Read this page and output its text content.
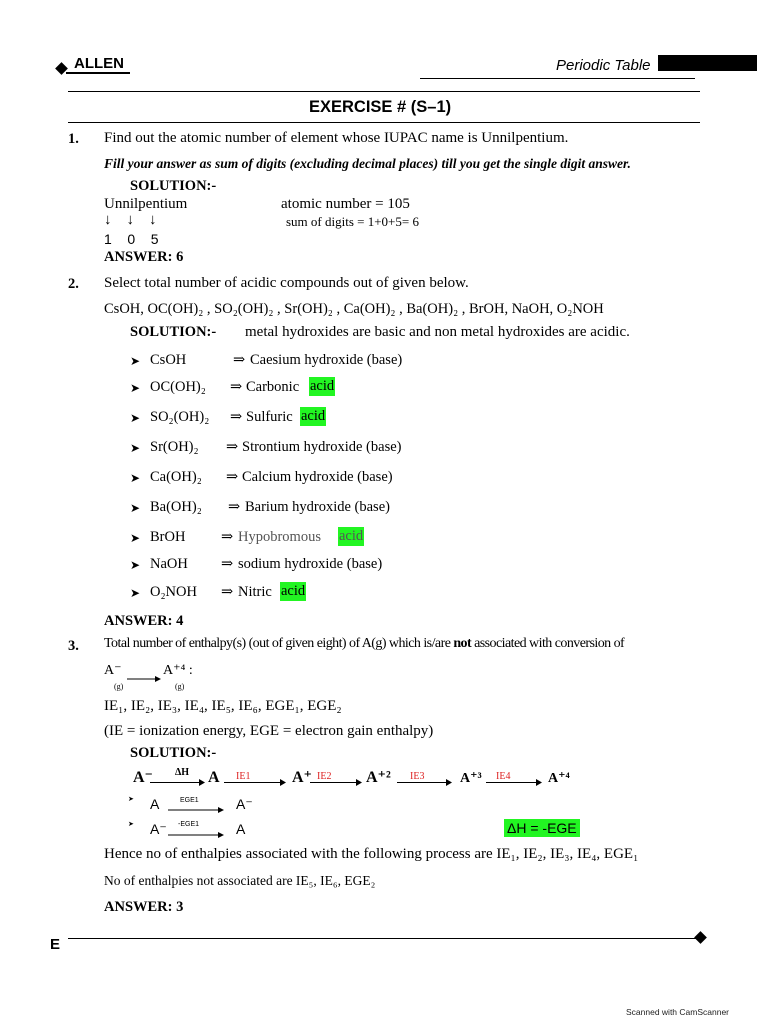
ALLEN	Periodic Table
EXERCISE # (S–1)
1. Find out the atomic number of element whose IUPAC name is Unnilpentium.
Fill your answer as sum of digits (excluding decimal places) till you get the single digit answer.
SOLUTION:-
Unnilpentium
↓    ↓    ↓
1    0    5
atomic number = 105
sum of digits = 1+0+5= 6
ANSWER: 6
2. Select total number of acidic compounds out of given below.
CsOH, OC(OH)₂ , SO₂(OH)₂ , Sr(OH)₂ , Ca(OH)₂ , Ba(OH)₂ , BrOH, NaOH, O₂NOH
SOLUTION:- metal hydroxides are basic and non metal hydroxides are acidic.
➤ CsOH	⇒ Caesium hydroxide (base)
➤ OC(OH)₂ ⇒ Carbonic acid
➤ SO₂(OH)₂ ⇒ Sulfuric acid
➤ Sr(OH)₂ ⇒ Strontium hydroxide (base)
➤ Ca(OH)₂ ⇒ Calcium hydroxide (base)
➤ Ba(OH)₂ ⇒ Barium hydroxide (base)
➤ BrOH ⇒ Hypobromous acid
➤ NaOH ⇒ sodium hydroxide (base)
➤ O₂NOH ⇒ Nitric acid
ANSWER: 4
3. Total number of enthalpy(s) (out of given eight) of A(g) which is/are not associated with conversion of
A⁻	A⁺⁴ :
(g)	(g)
IE₁, IE₂, IE₃, IE₄, IE₅, IE₆, EGE₁, EGE₂
(IE = ionization energy, EGE = electron gain enthalpy)
SOLUTION:-
A⁻ ΔH A IE1	A⁺ IE2 A⁺² IE3	A⁺³ IE4	A⁺⁴
➤ A	EGE1	A⁻
➤ A⁻ -EGE1	A	ΔH = -EGE
Hence no of enthalpies associated with the following process are IE₁, IE₂, IE₃, IE₄, EGE₁
No of enthalpies not associated are IE₅, IE₆, EGE₂
ANSWER: 3
E
Scanned with CamScanner
